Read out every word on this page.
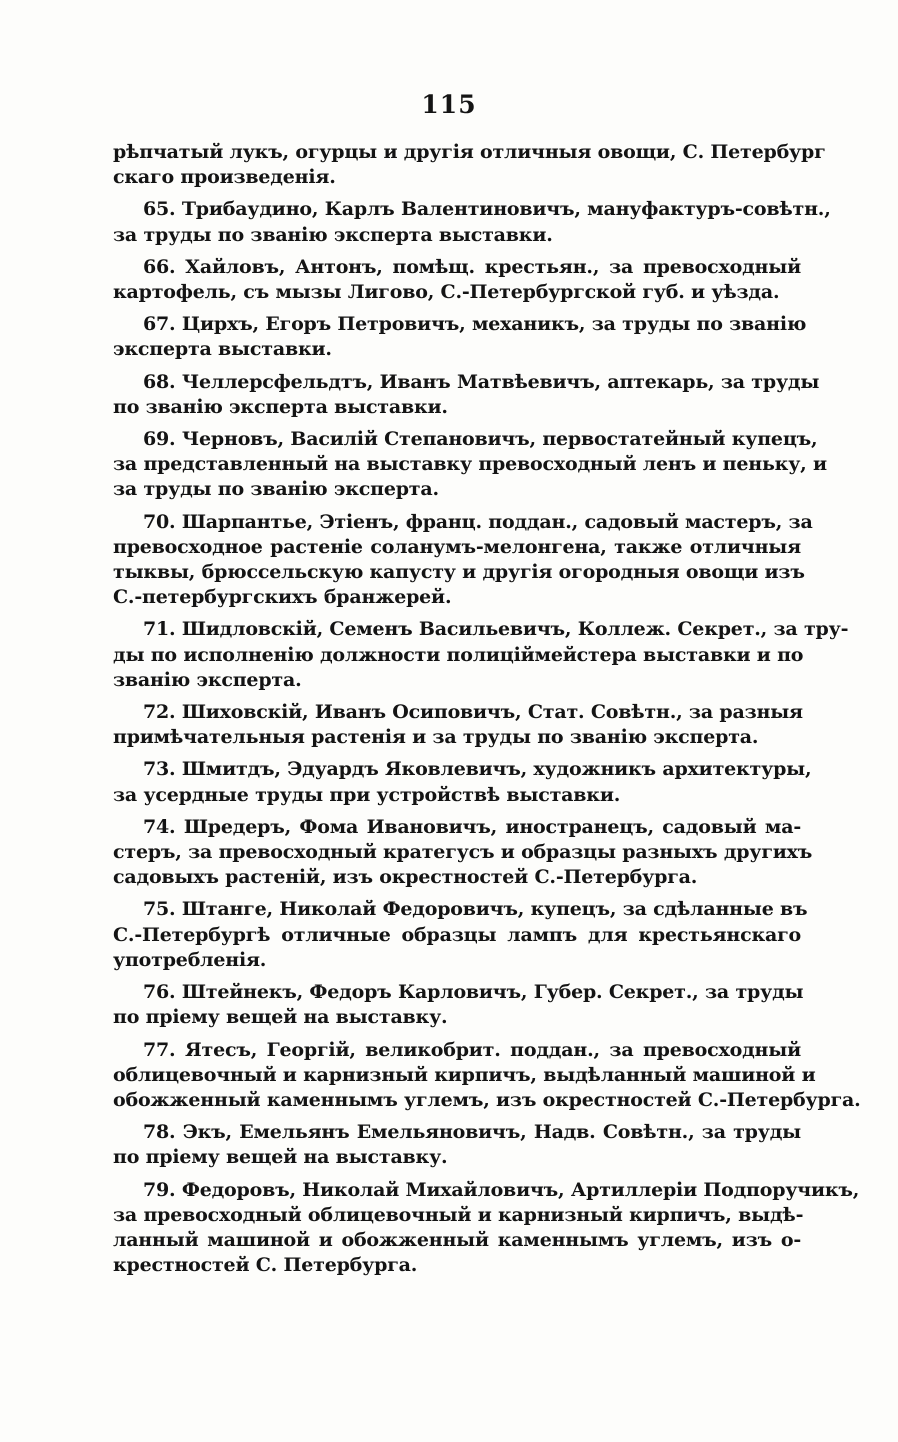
115
рѣпчатый лукъ, огурцы и другія отличныя овощи, С. Петербург
скаго произведенія.
65. Трибаудино, Карлъ Валентиновичъ, мануфактуръ-совѣтн.,
за труды по званію эксперта выставки.
66. Хайловъ, Антонъ, помѣщ. крестьян., за превосходный
картофель, съ мызы Лигово, С.-Петербургской губ. и уѣзда.
67. Цирхъ, Егоръ Петровичъ, механикъ, за труды по званію
эксперта выставки.
68. Челлерсфельдтъ, Иванъ Матвѣевичъ, аптекарь, за труды
по званію эксперта выставки.
69. Черновъ, Василій Степановичъ, первостатейный купецъ,
за представленный на выставку превосходный ленъ и пеньку, и
за труды по званію эксперта.
70. Шарпантье, Этіенъ, франц. поддан., садовый мастеръ, за
превосходное растеніе соланумъ-мелонгена, также отличныя
тыквы, брюссельскую капусту и другія огородныя овощи изъ
С.-петербургскихъ бранжерей.
71. Шидловскій, Семенъ Васильевичъ, Коллеж. Секрет., за тру-
ды по исполненію должности полиціймейстера выставки и по
званію эксперта.
72. Шиховскій, Иванъ Осиповичъ, Стат. Совѣтн., за разныя
примѣчательныя растенія и за труды по званію эксперта.
73. Шмитдъ, Эдуардъ Яковлевичъ, художникъ архитектуры,
за усердные труды при устройствѣ выставки.
74. Шредеръ, Фома Ивановичъ, иностранецъ, садовый ма-
стеръ, за превосходный кратегусъ и образцы разныхъ другихъ
садовыхъ растеній, изъ окрестностей С.-Петербурга.
75. Штанге, Николай Федоровичъ, купецъ, за сдѣланные въ
С.-Петербургѣ отличные образцы лампъ для крестьянскаго
употребленія.
76. Штейнекъ, Федоръ Карловичъ, Губер. Секрет., за труды
по пріему вещей на выставку.
77. Ятесъ, Георгій, великобрит. поддан., за превосходный
облицевочный и карнизный кирпичъ, выдѣланный машиной и
обожженный каменнымъ углемъ, изъ окрестностей С.-Петербурга.
78. Экъ, Емельянъ Емельяновичъ, Надв. Совѣтн., за труды
по пріему вещей на выставку.
79. Федоровъ, Николай Михайловичъ, Артиллеріи Подпоручикъ,
за превосходный облицевочный и карнизный кирпичъ, выдѣ-
ланный машиной и обожженный каменнымъ углемъ, изъ о-
крестностей С. Петербурга.
